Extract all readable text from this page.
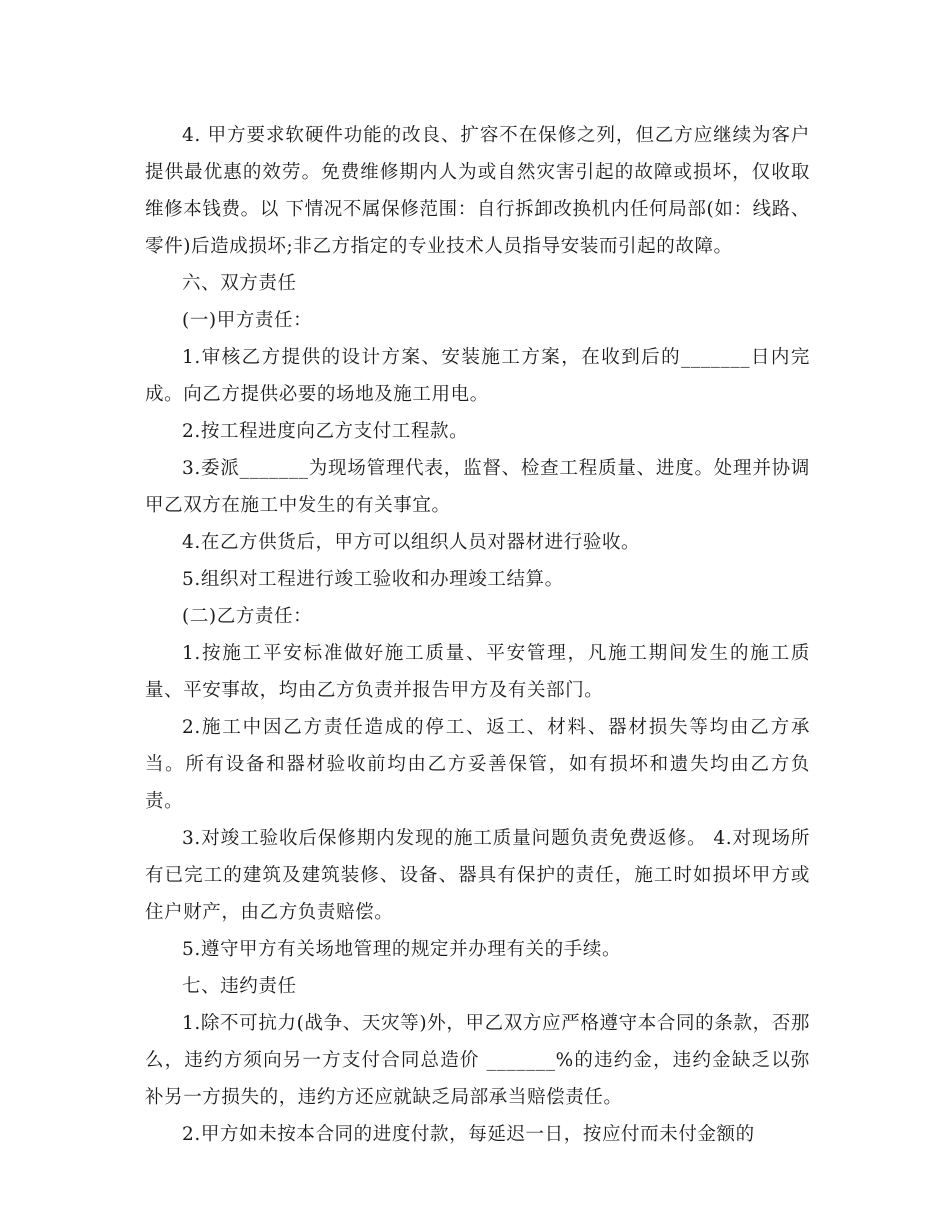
4. 甲方要求软硬件功能的改良、扩容不在保修之列，但乙方应继续为客户提供最优惠的效劳。免费维修期内人为或自然灾害引起的故障或损坏，仅收取维修本钱费。以 下情况不属保修范围：自行拆卸改换机内任何局部(如：线路、零件)后造成损坏;非乙方指定的专业技术人员指导安装而引起的故障。

六、双方责任

(一)甲方责任：

1.审核乙方提供的设计方案、安装施工方案，在收到后的_______日内完成。向乙方提供必要的场地及施工用电。

2.按工程进度向乙方支付工程款。

3.委派_______为现场管理代表，监督、检查工程质量、进度。处理并协调甲乙双方在施工中发生的有关事宜。

4.在乙方供货后，甲方可以组织人员对器材进行验收。

5.组织对工程进行竣工验收和办理竣工结算。

(二)乙方责任：

1.按施工平安标准做好施工质量、平安管理，凡施工期间发生的施工质量、平安事故，均由乙方负责并报告甲方及有关部门。

2.施工中因乙方责任造成的停工、返工、材料、器材损失等均由乙方承当。所有设备和器材验收前均由乙方妥善保管，如有损坏和遗失均由乙方负责。

3.对竣工验收后保修期内发现的施工质量问题负责免费返修。 4.对现场所有已完工的建筑及建筑装修、设备、器具有保护的责任，施工时如损坏甲方或住户财产，由乙方负责赔偿。

5.遵守甲方有关场地管理的规定并办理有关的手续。

七、违约责任

1.除不可抗力(战争、天灾等)外，甲乙双方应严格遵守本合同的条款，否那么，违约方须向另一方支付合同总造价 _______%的违约金，违约金缺乏以弥补另一方损失的，违约方还应就缺乏局部承当赔偿责任。

2.甲方如未按本合同的进度付款，每延迟一日，按应付而未付金额的
